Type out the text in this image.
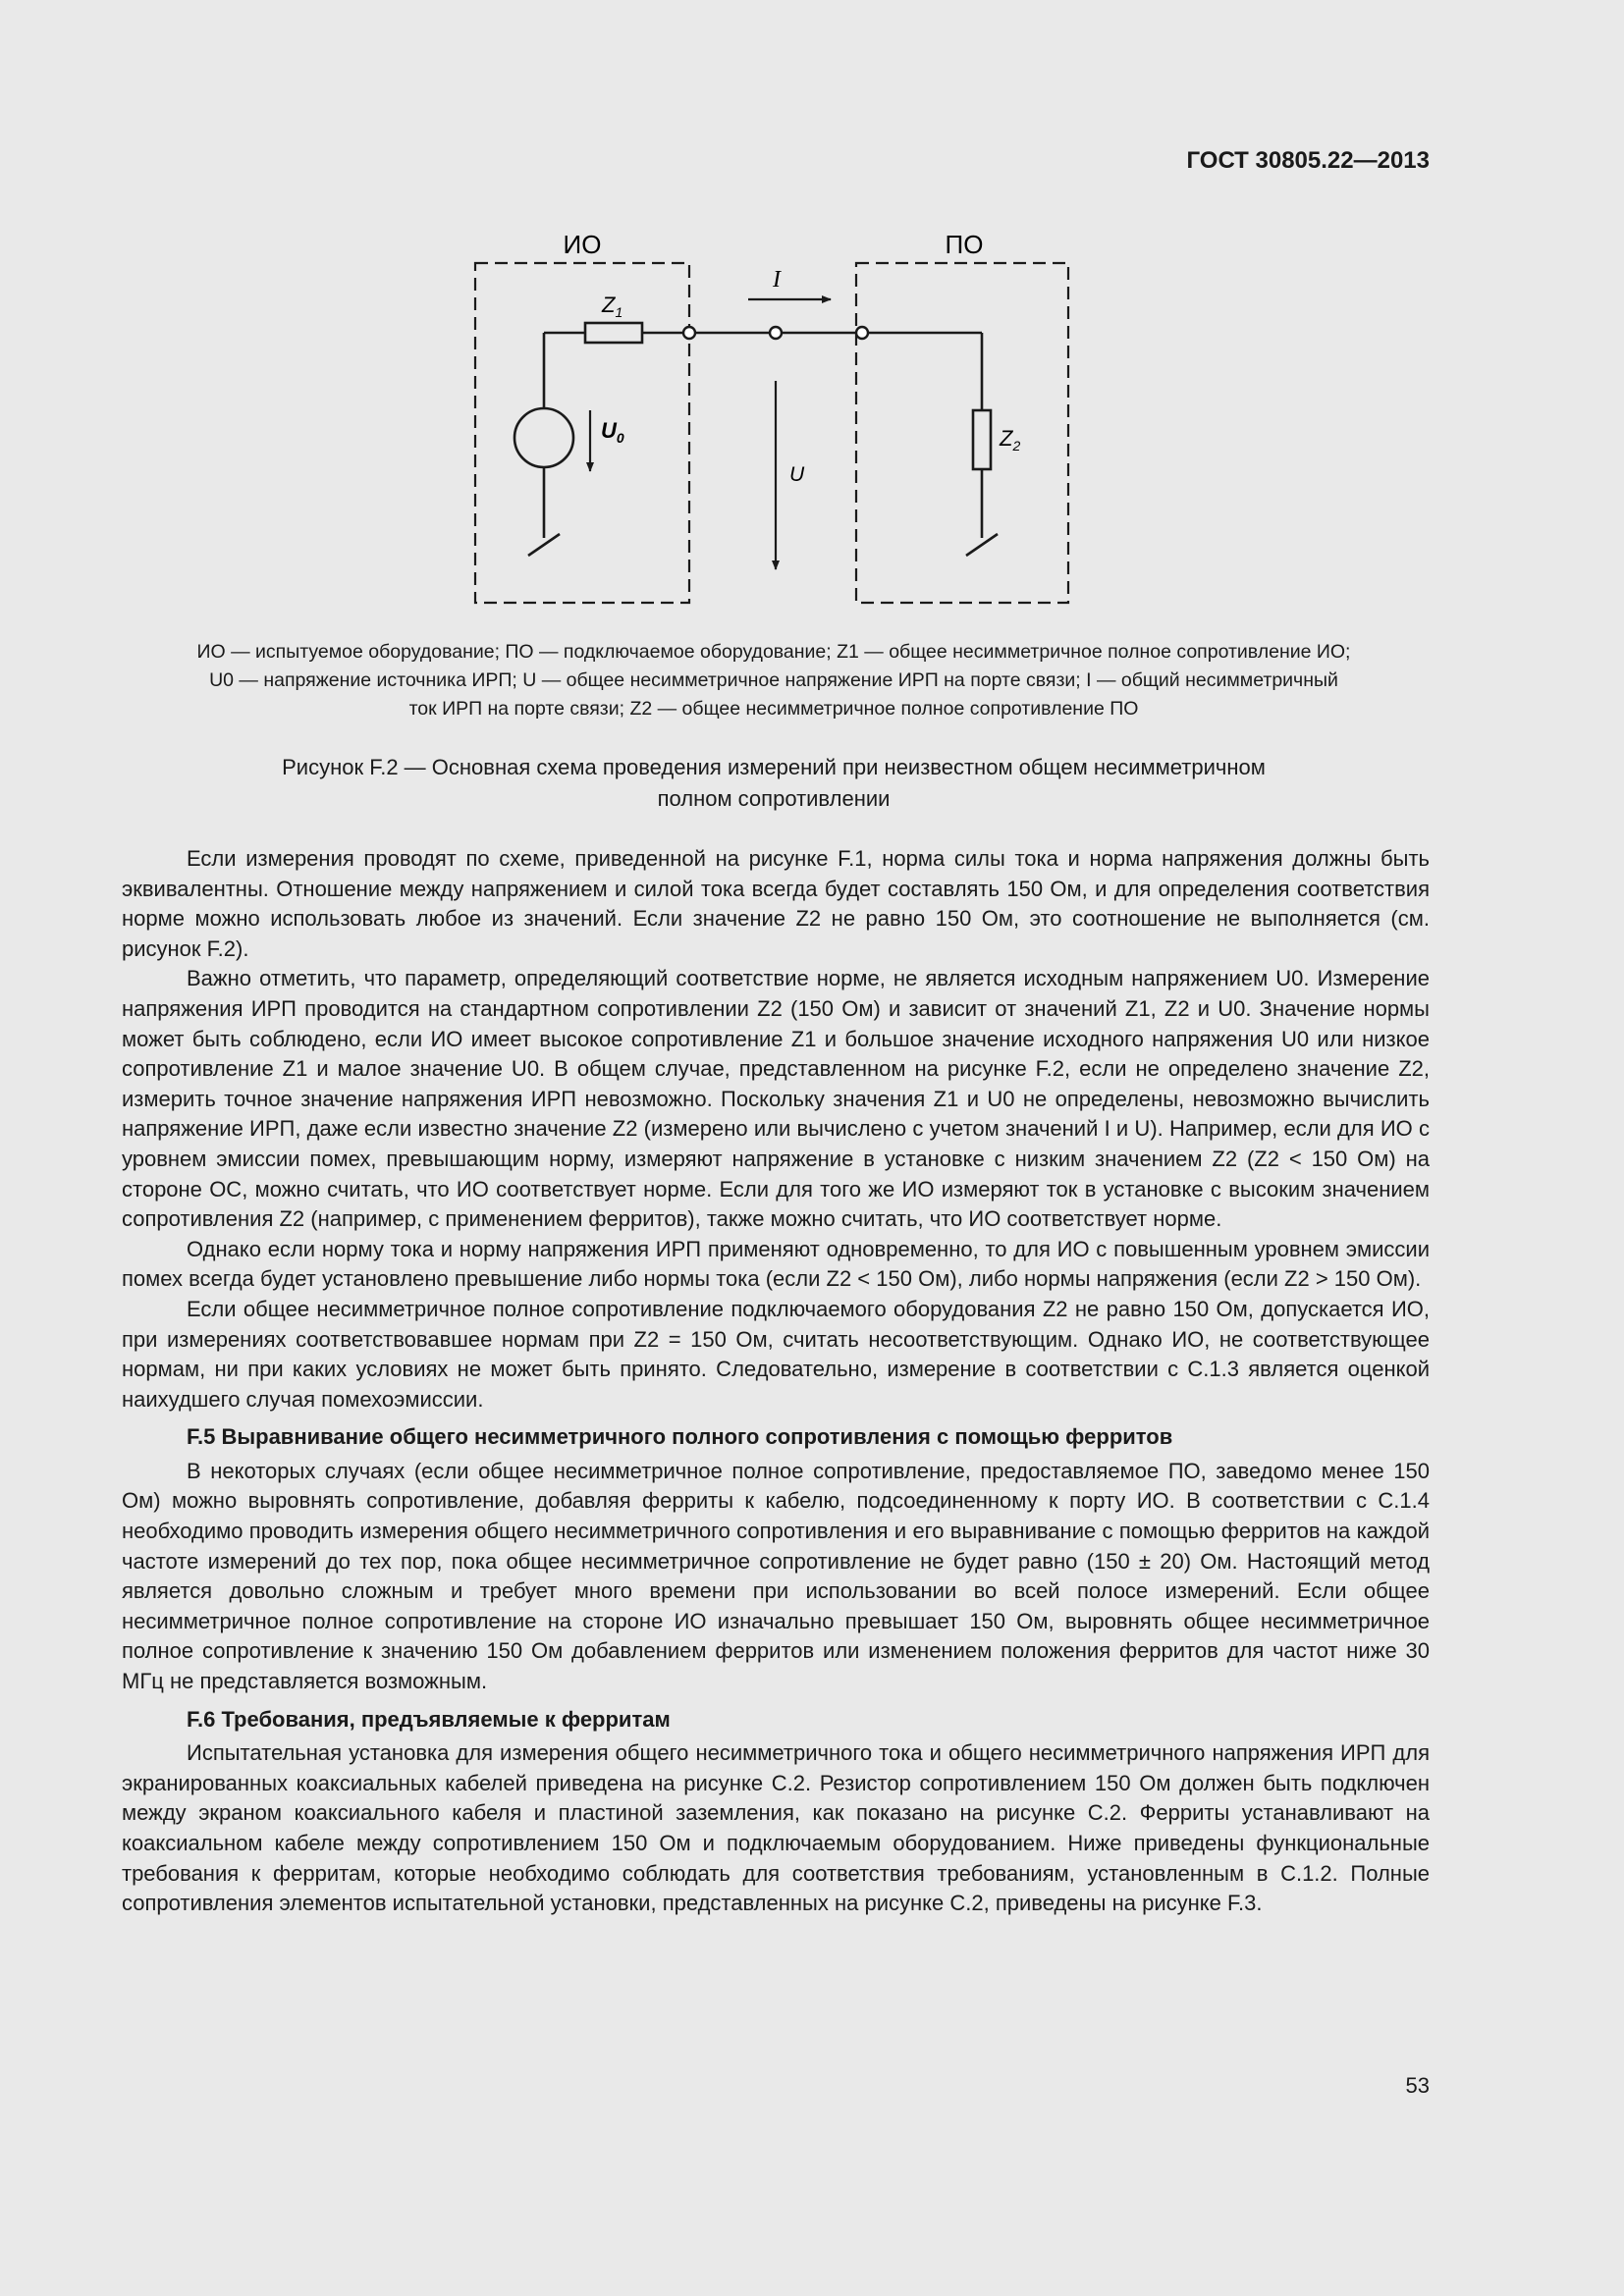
ГОСТ 30805.22—2013
ИО	ПО
$Z_1$
I
$U_0$
U
$Z_2$
ИО — испытуемое оборудование; ПО — подключаемое оборудование; Z1 — общее несимметричное полное сопротивление ИО;
U0 — напряжение источника ИРП; U — общее несимметричное напряжение ИРП на порте связи; I — общий несимметричный
ток ИРП на порте связи; Z2 — общее несимметричное полное сопротивление ПО
Рисунок F.2 — Основная схема проведения измерений при неизвестном общем несимметричном
полном сопротивлении

Если измерения проводят по схеме, приведенной на рисунке F.1, норма силы тока и норма напряжения должны быть эквивалентны. Отношение между напряжением и силой тока всегда будет составлять 150 Ом, и для определения соответствия норме можно использовать любое из значений. Если значение Z2 не равно 150 Ом, это соотношение не выполняется (см. рисунок F.2).

Важно отметить, что параметр, определяющий соответствие норме, не является исходным напряжением U0. Измерение напряжения ИРП проводится на стандартном сопротивлении Z2 (150 Ом) и зависит от значений Z1, Z2 и U0. Значение нормы может быть соблюдено, если ИО имеет высокое сопротивление Z1 и большое значение исходного напряжения U0 или низкое сопротивление Z1 и малое значение U0. В общем случае, представленном на рисунке F.2, если не определено значение Z2, измерить точное значение напряжения ИРП невозможно. Поскольку значения Z1 и U0 не определены, невозможно вычислить напряжение ИРП, даже если известно значение Z2 (измерено или вычислено с учетом значений I и U). Например, если для ИО с уровнем эмиссии помех, превышающим норму, измеряют напряжение в установке с низким значением Z2 (Z2 < 150 Ом) на стороне ОС, можно считать, что ИО соответствует норме. Если для того же ИО измеряют ток в установке с высоким значением сопротивления Z2 (например, с применением ферритов), также можно считать, что ИО соответствует норме.

Однако если норму тока и норму напряжения ИРП применяют одновременно, то для ИО с повышенным уровнем эмиссии помех всегда будет установлено превышение либо нормы тока (если Z2 < 150 Ом), либо нормы напряжения (если Z2 > 150 Ом).

Если общее несимметричное полное сопротивление подключаемого оборудования Z2 не равно 150 Ом, допускается ИО, при измерениях соответствовавшее нормам при Z2 = 150 Ом, считать несоответствующим. Однако ИО, не соответствующее нормам, ни при каких условиях не может быть принято. Следовательно, измерение в соответствии с С.1.3 является оценкой наихудшего случая помехоэмиссии.

F.5 Выравнивание общего несимметричного полного сопротивления с помощью ферритов

В некоторых случаях (если общее несимметричное полное сопротивление, предоставляемое ПО, заведомо менее 150 Ом) можно выровнять сопротивление, добавляя ферриты к кабелю, подсоединенному к порту ИО. В соответствии с С.1.4 необходимо проводить измерения общего несимметричного сопротивления и его выравнивание с помощью ферритов на каждой частоте измерений до тех пор, пока общее несимметричное сопротивление не будет равно (150 ± 20) Ом. Настоящий метод является довольно сложным и требует много времени при использовании во всей полосе измерений. Если общее несимметричное полное сопротивление на стороне ИО изначально превышает 150 Ом, выровнять общее несимметричное полное сопротивление к значению 150 Ом добавлением ферритов или изменением положения ферритов для частот ниже 30 МГц не представляется возможным.

F.6 Требования, предъявляемые к ферритам

Испытательная установка для измерения общего несимметричного тока и общего несимметричного напряжения ИРП для экранированных коаксиальных кабелей приведена на рисунке С.2. Резистор сопротивлением 150 Ом должен быть подключен между экраном коаксиального кабеля и пластиной заземления, как показано на рисунке С.2. Ферриты устанавливают на коаксиальном кабеле между сопротивлением 150 Ом и подключаемым оборудованием. Ниже приведены функциональные требования к ферритам, которые необходимо соблюдать для соответствия требованиям, установленным в С.1.2. Полные сопротивления элементов испытательной установки, представленных на рисунке С.2, приведены на рисунке F.3.

53
